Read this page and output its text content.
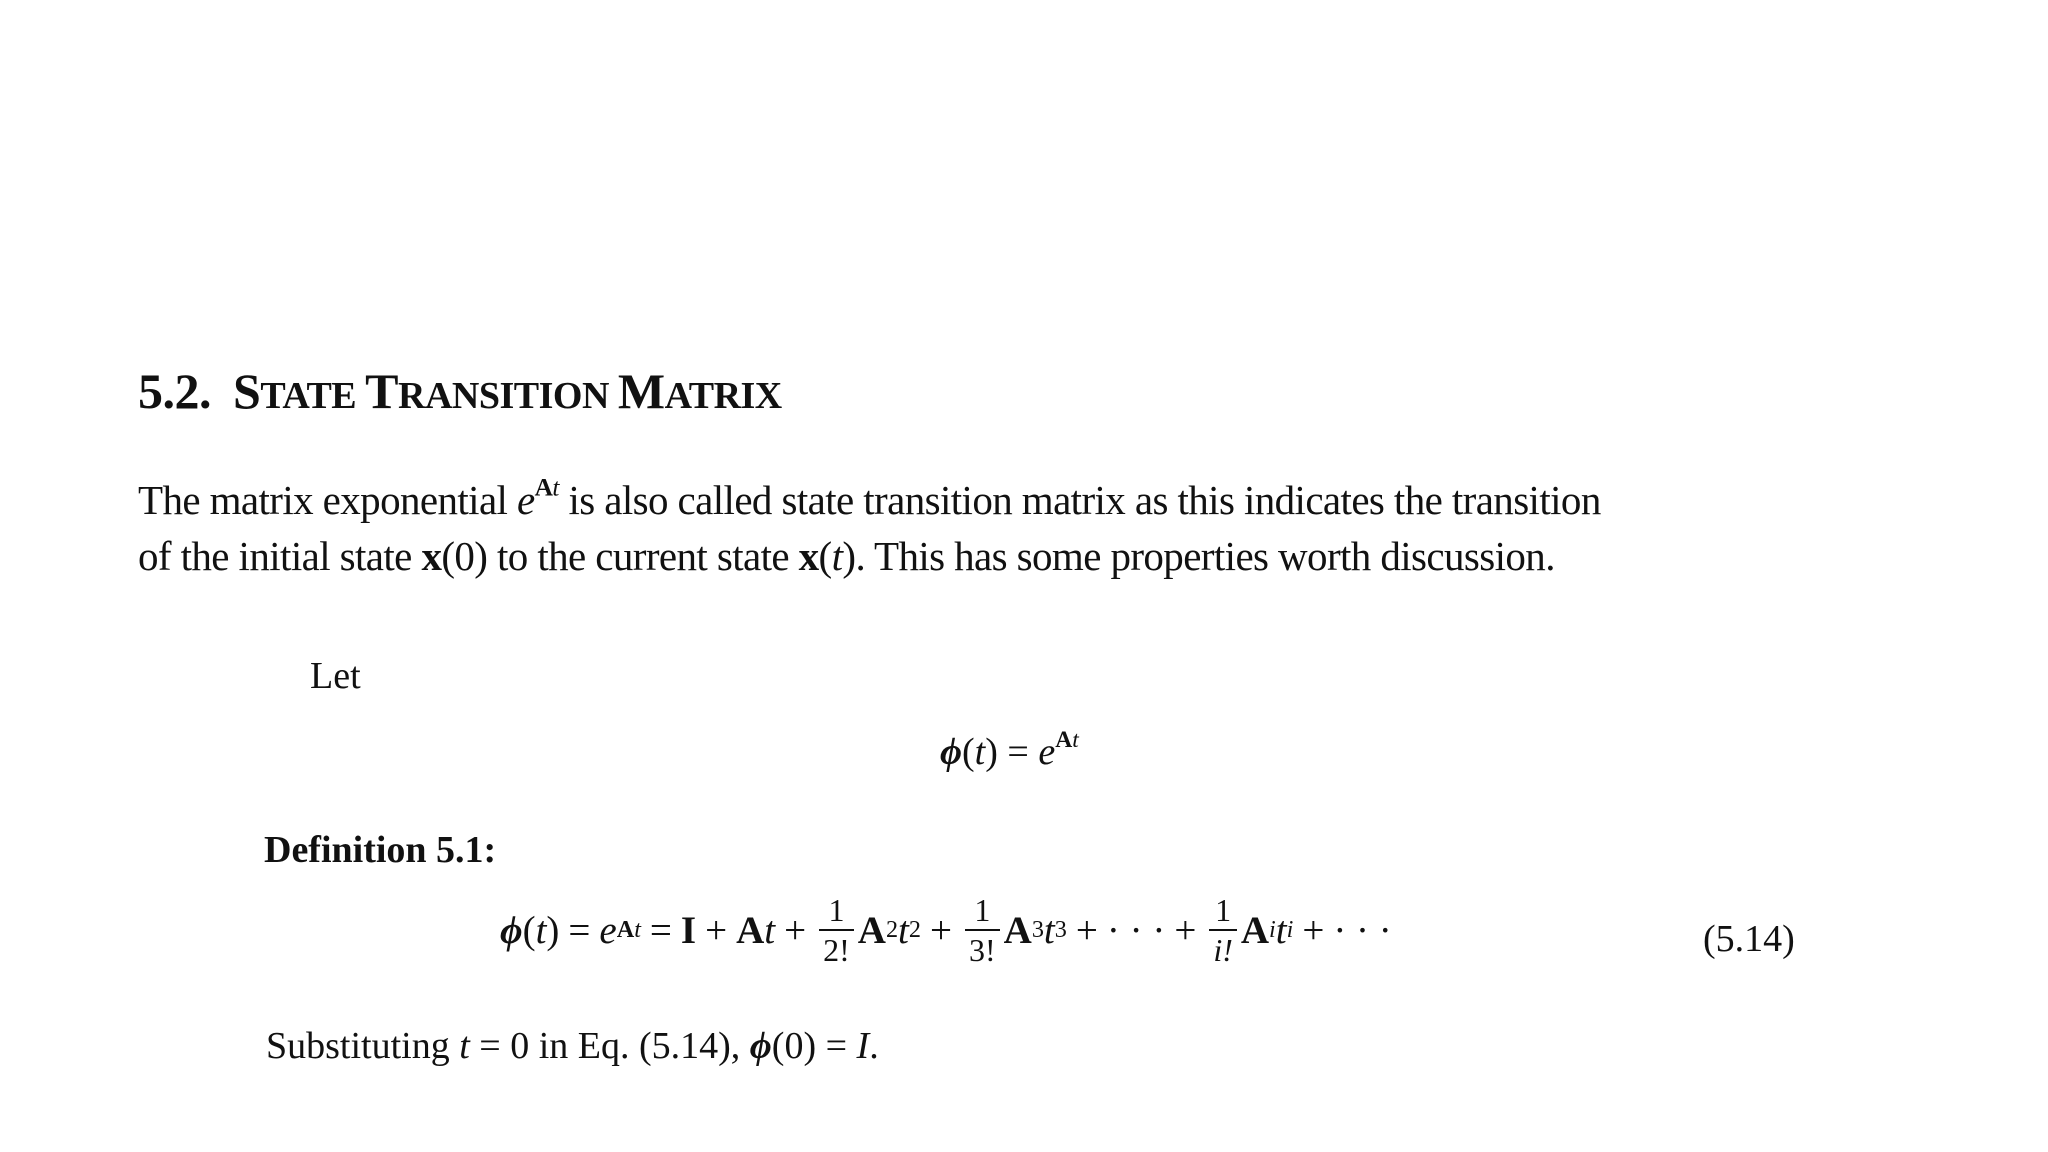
5.2. STATE TRANSITION MATRIX
The matrix exponential $e^{At}$ is also called state transition matrix as this indicates the transition
of the initial state x(0) to the current state x(t). This has some properties worth discussion.
Let
$\phi(t) = e^{At}$
Definition 5.1:
ϕ ( t ) = e At = I + A $t + \frac{1}{2!}$ A 2 t $2 + \frac{1}{3!}$ A 3 t 3 + · · · + $\frac{1}{i!}$ A i t i + · · ·	(5.14)
Substituting t = 0 in Eq. (5.14), ϕ(0) = I.
